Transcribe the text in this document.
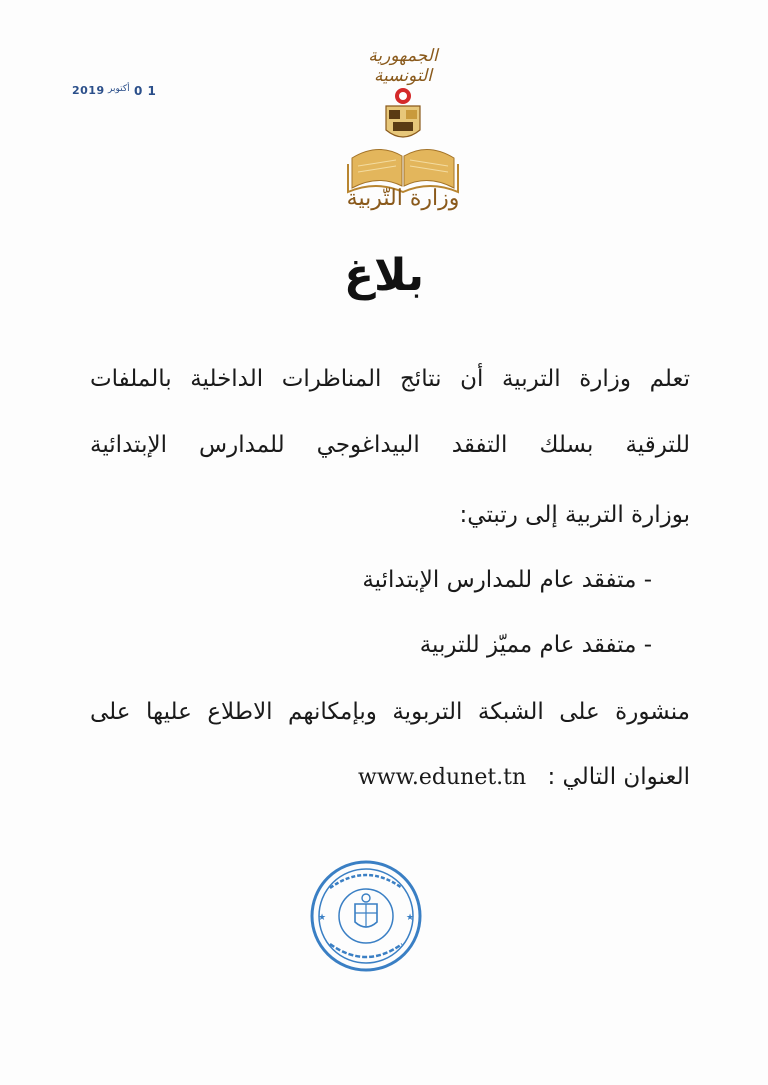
2019 أكتوبر 0 1
الجمهورية التونسية
وزارة التّربية
بلاغ
تعلم وزارة التربية أن نتائج المناظرات الداخلية بالملفات
للترقية بسلك التفقد البيداغوجي للمدارس الإبتدائية
بوزارة التربية إلى رتبتي:
- متفقد عام للمدارس الإبتدائية
- متفقد عام مميّز للتربية
منشورة على الشبكة التربوية وبإمكانهم الاطلاع عليها على
العنوان التالي : www.edunet.tn
★	★
